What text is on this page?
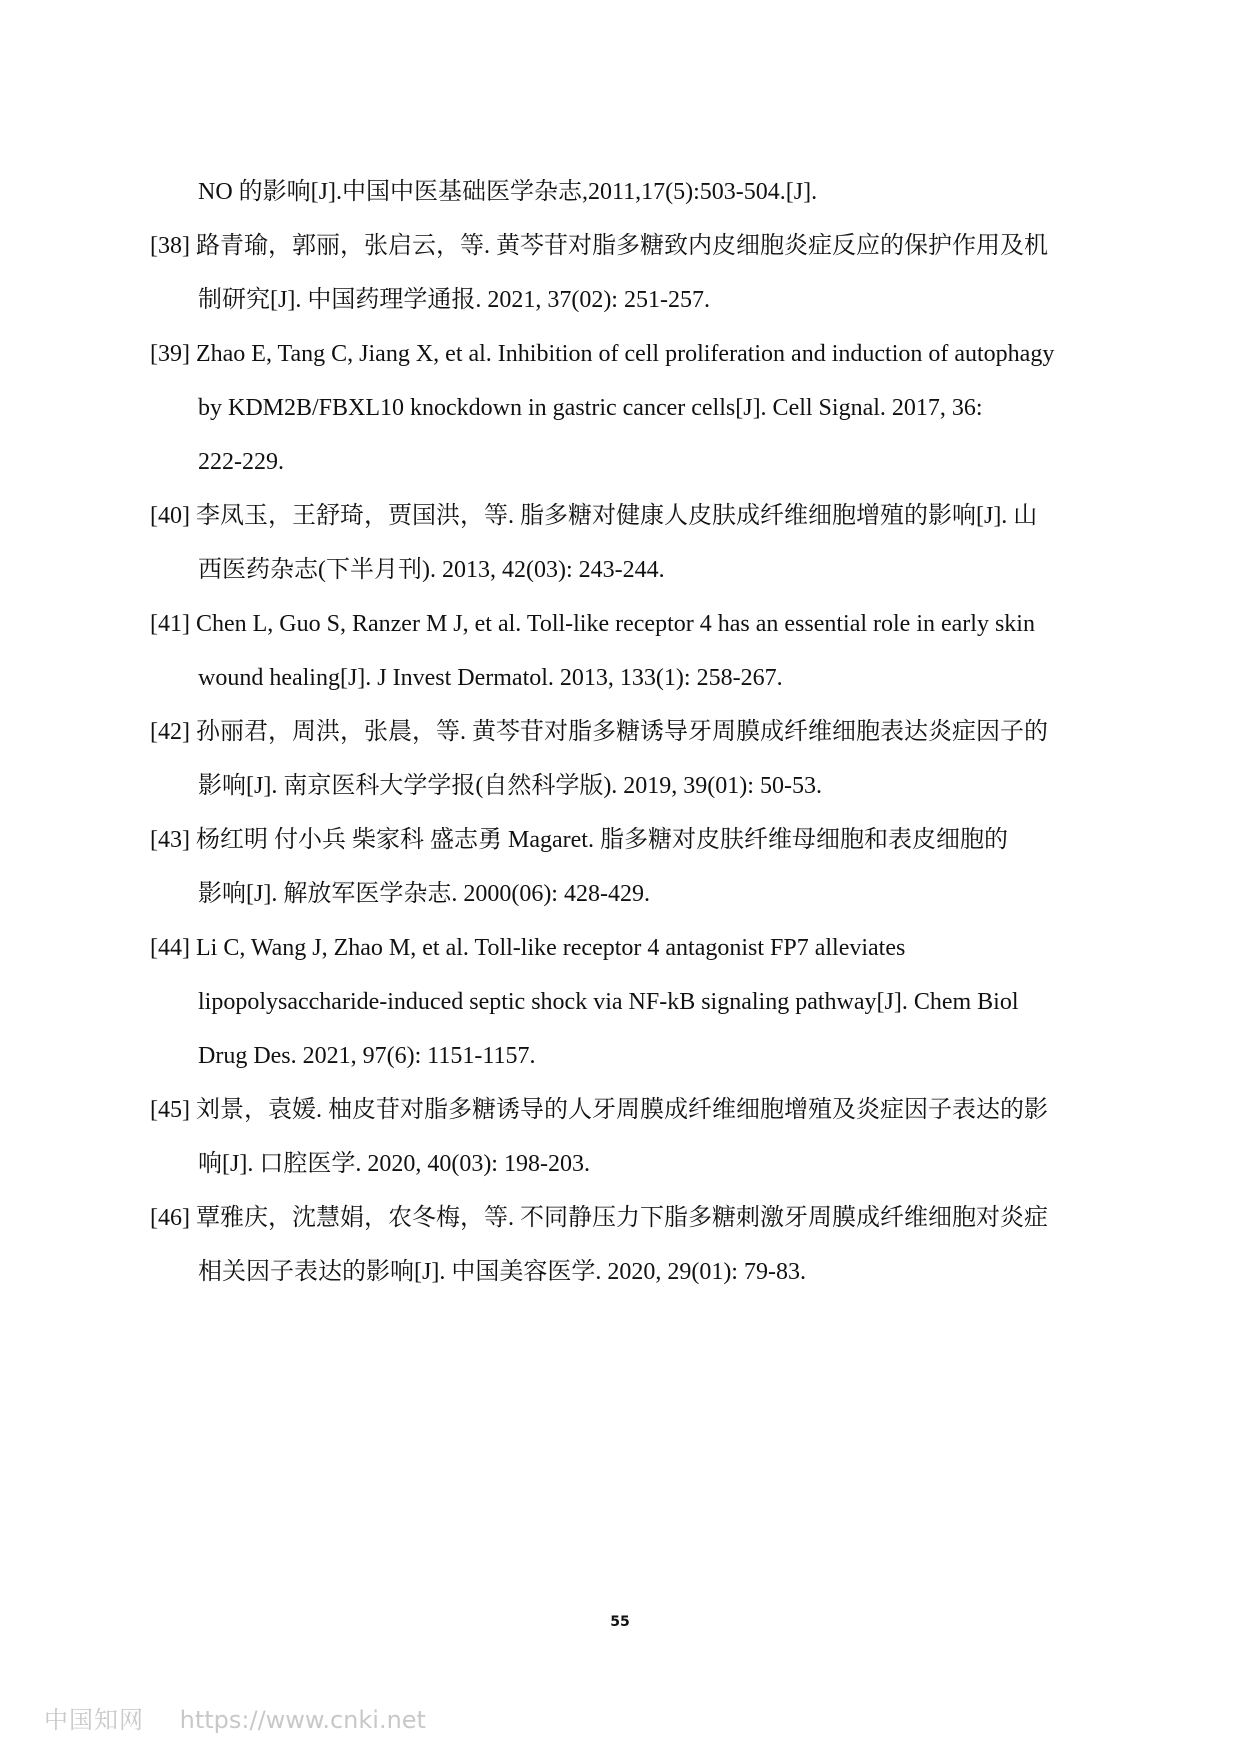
NO 的影响[J].中国中医基础医学杂志,2011,17(5):503-504.[J].
[38] 路青瑜，郭丽，张启云，等. 黄芩苷对脂多糖致内皮细胞炎症反应的保护作用及机
制研究[J]. 中国药理学通报. 2021, 37(02): 251-257.
[39] Zhao E, Tang C, Jiang X, et al. Inhibition of cell proliferation and induction of autophagy
by KDM2B/FBXL10 knockdown in gastric cancer cells[J]. Cell Signal. 2017, 36:
222-229.
[40] 李凤玉，王舒琦，贾国洪，等. 脂多糖对健康人皮肤成纤维细胞增殖的影响[J]. 山
西医药杂志(下半月刊). 2013, 42(03): 243-244.
[41] Chen L, Guo S, Ranzer M J, et al. Toll-like receptor 4 has an essential role in early skin
wound healing[J]. J Invest Dermatol. 2013, 133(1): 258-267.
[42] 孙丽君，周洪，张晨，等. 黄芩苷对脂多糖诱导牙周膜成纤维细胞表达炎症因子的
影响[J]. 南京医科大学学报(自然科学版). 2019, 39(01): 50-53.
[43] 杨红明 付小兵 柴家科 盛志勇 Magaret. 脂多糖对皮肤纤维母细胞和表皮细胞的
影响[J]. 解放军医学杂志. 2000(06): 428-429.
[44] Li C, Wang J, Zhao M, et al. Toll-like receptor 4 antagonist FP7 alleviates
lipopolysaccharide-induced septic shock via NF-kB signaling pathway[J]. Chem Biol
Drug Des. 2021, 97(6): 1151-1157.
[45] 刘景，袁媛. 柚皮苷对脂多糖诱导的人牙周膜成纤维细胞增殖及炎症因子表达的影
响[J]. 口腔医学. 2020, 40(03): 198-203.
[46] 覃雅庆，沈慧娟，农冬梅，等. 不同静压力下脂多糖刺激牙周膜成纤维细胞对炎症
相关因子表达的影响[J]. 中国美容医学. 2020, 29(01): 79-83.
55
中国知网 https://www.cnki.net
